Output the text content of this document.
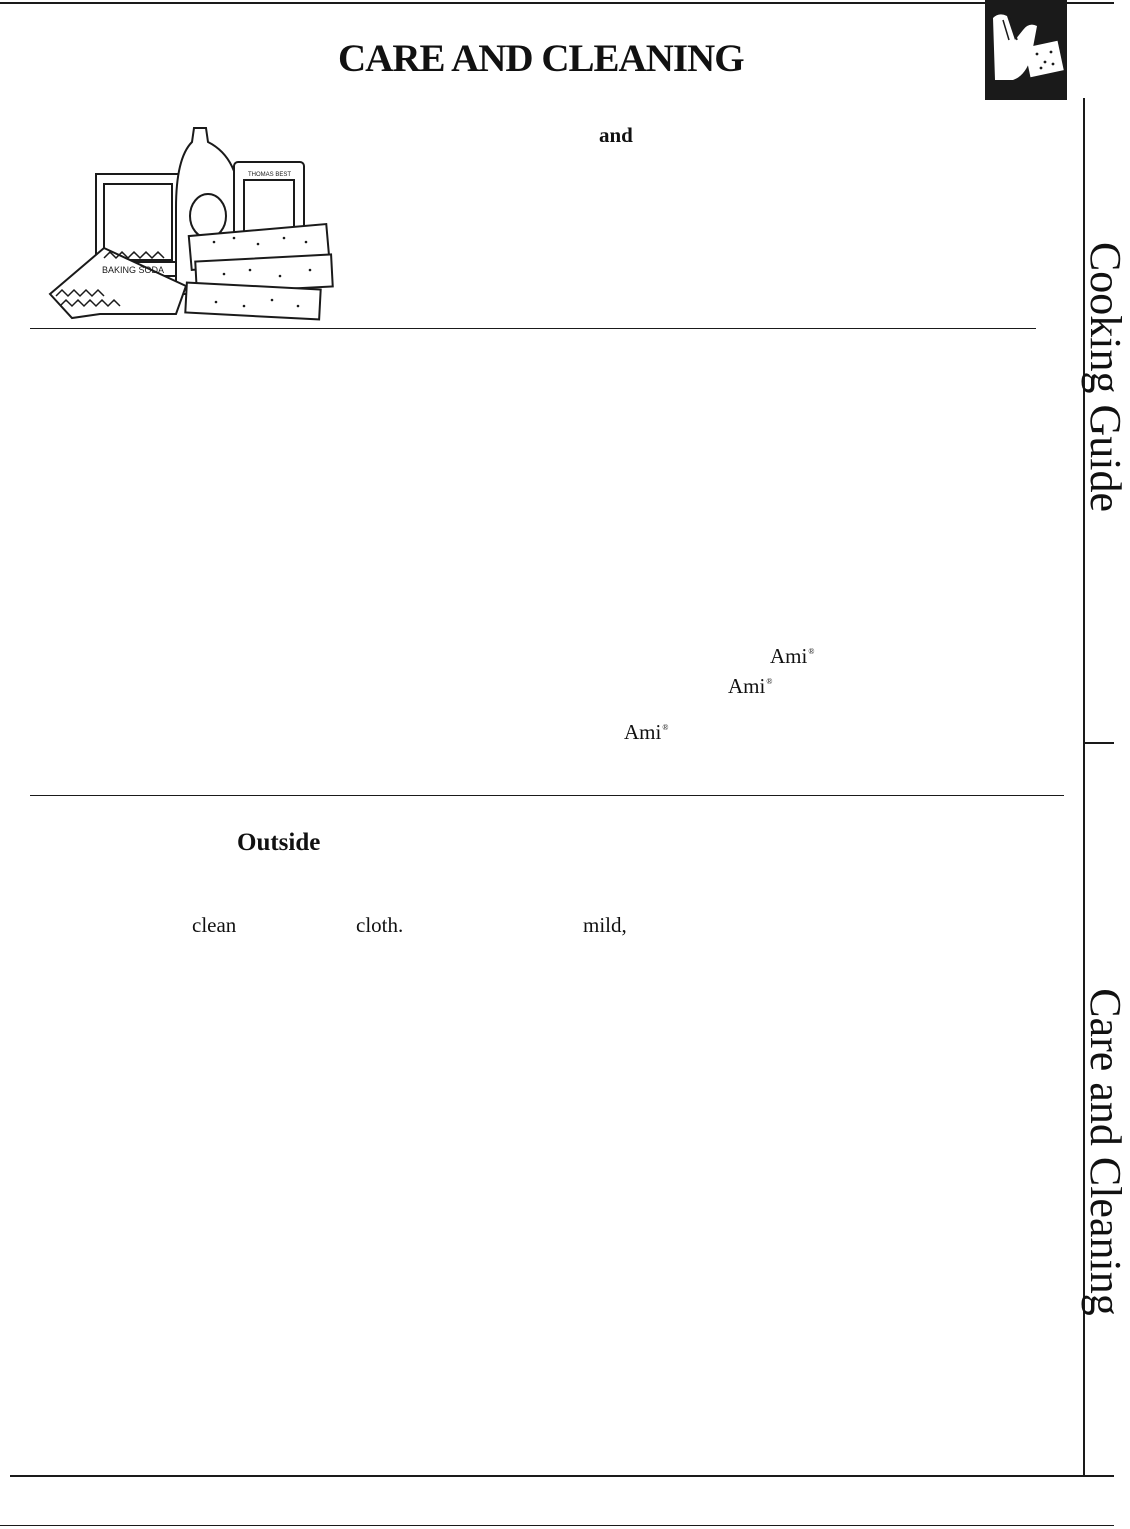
CARE AND CLEANING
BAKING SODA
THOMAS BEST
and
Ami®
Ami®
Ami®
Outside
clean	cloth.	mild,
Cooking Guide
Care and Cleaning
